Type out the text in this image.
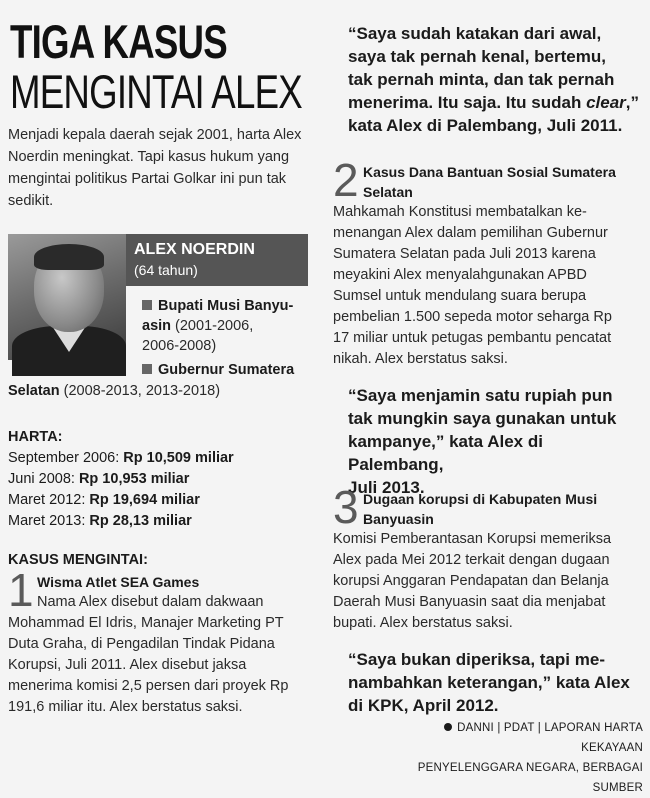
TIGA KASUS
MENGINTAI ALEX

Menjadi kepala daerah sejak 2001, harta Alex Noerdin meningkat. Tapi kasus hukum yang mengintai politikus Partai Golkar ini pun tak sedikit.

ALEX NOERDIN
(64 tahun)
Bupati Musi Banyu-
asin (2001-2006,
2006-2008)
Gubernur Sumatera
Selatan (2008-2013, 2013-2018)
HARTA:
September 2006: Rp 10,509 miliar
Juni 2008: Rp 10,953 miliar
Maret 2012: Rp 19,694 miliar
Maret 2013: Rp 28,13 miliar
KASUS MENGINTAI:
1 Wisma Atlet SEA Games
Nama Alex disebut dalam dakwaan
Mohammad El Idris, Manajer Marketing PT
Duta Graha, di Pengadilan Tindak Pidana
Korupsi, Juli 2011. Alex disebut jaksa
menerima komisi 2,5 persen dari proyek Rp
191,6 miliar itu. Alex berstatus saksi.
“Saya sudah katakan dari awal,
saya tak pernah kenal, bertemu,
tak pernah minta, dan tak pernah
menerima. Itu saja. Itu sudah clear,”
kata Alex di Palembang, Juli 2011.
2 Kasus Dana Bantuan Sosial Sumatera
Selatan
Mahkamah Konstitusi membatalkan ke-
menangan Alex dalam pemilihan Gubernur
Sumatera Selatan pada Juli 2013 karena
meyakini Alex menyalahgunakan APBD
Sumsel untuk mendulang suara berupa
pembelian 1.500 sepeda motor seharga Rp
17 miliar untuk petugas pembantu pencatat
nikah. Alex berstatus saksi.
“Saya menjamin satu rupiah pun
tak mungkin saya gunakan untuk
kampanye,” kata Alex di Palembang,
Juli 2013.
3 Dugaan korupsi di Kabupaten Musi
Banyuasin
Komisi Pemberantasan Korupsi memeriksa
Alex pada Mei 2012 terkait dengan dugaan
korupsi Anggaran Pendapatan dan Belanja
Daerah Musi Banyuasin saat dia menjabat
bupati. Alex berstatus saksi.
“Saya bukan diperiksa, tapi me-
nambahkan keterangan,” kata Alex
di KPK, April 2012.
DANNI | PDAT | LAPORAN HARTA KEKAYAAN
PENYELENGGARA NEGARA, BERBAGAI SUMBER
